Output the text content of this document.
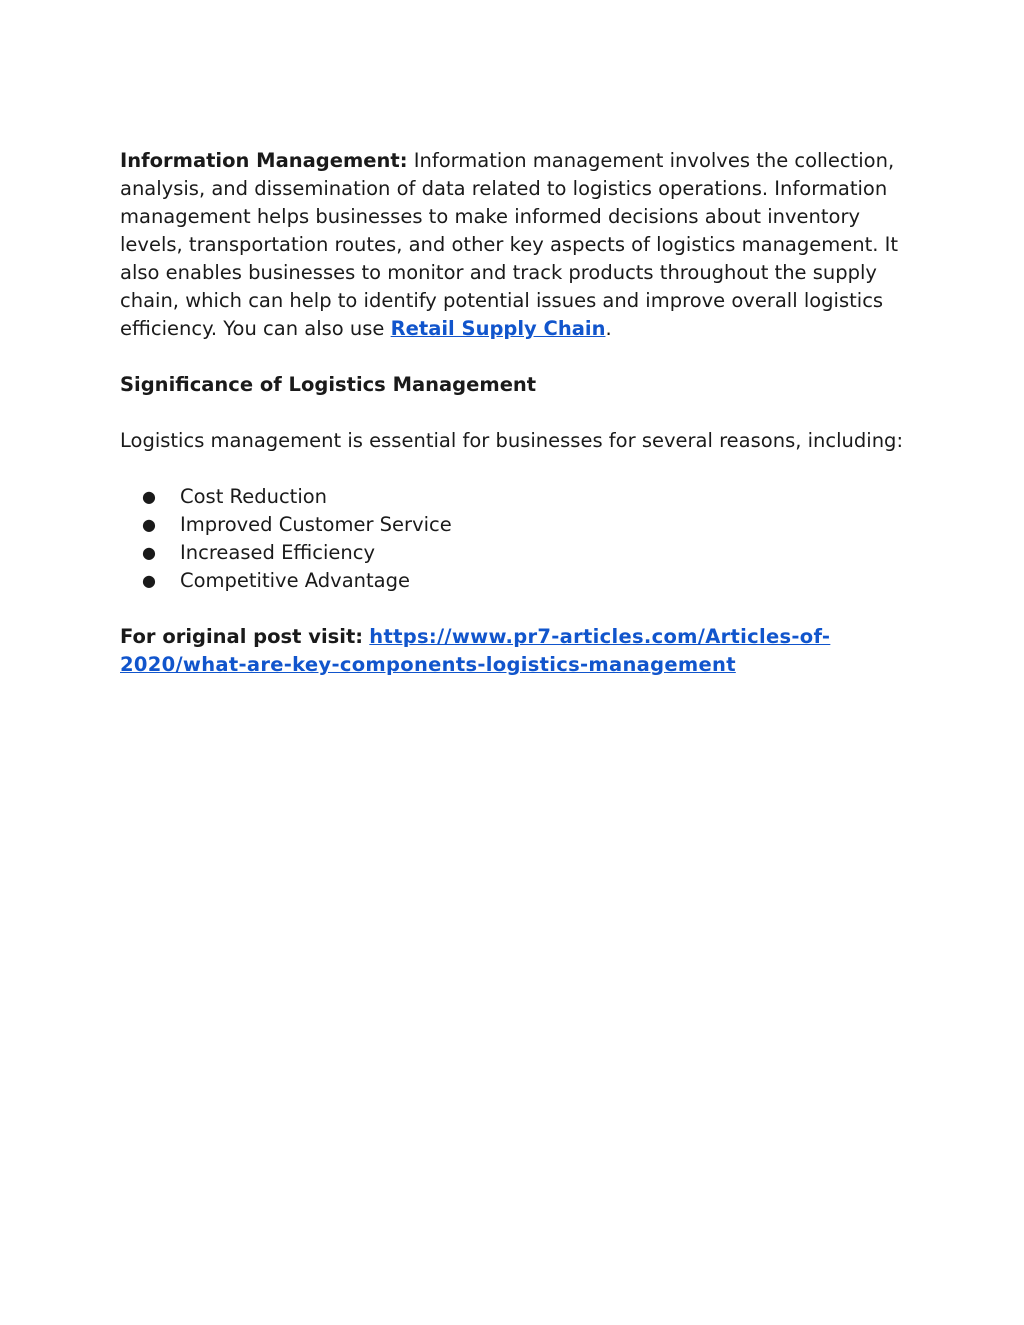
Information Management: Information management involves the collection, analysis, and dissemination of data related to logistics operations. Information management helps businesses to make informed decisions about inventory levels, transportation routes, and other key aspects of logistics management. It also enables businesses to monitor and track products throughout the supply chain, which can help to identify potential issues and improve overall logistics efficiency. You can also use Retail Supply Chain.

Significance of Logistics Management

Logistics management is essential for businesses for several reasons, including:

● Cost Reduction
● Improved Customer Service
● Increased Efficiency
● Competitive Advantage

For original post visit: https://www.pr7-articles.com/Articles-of-2020/what-are-key-components-logistics-management
